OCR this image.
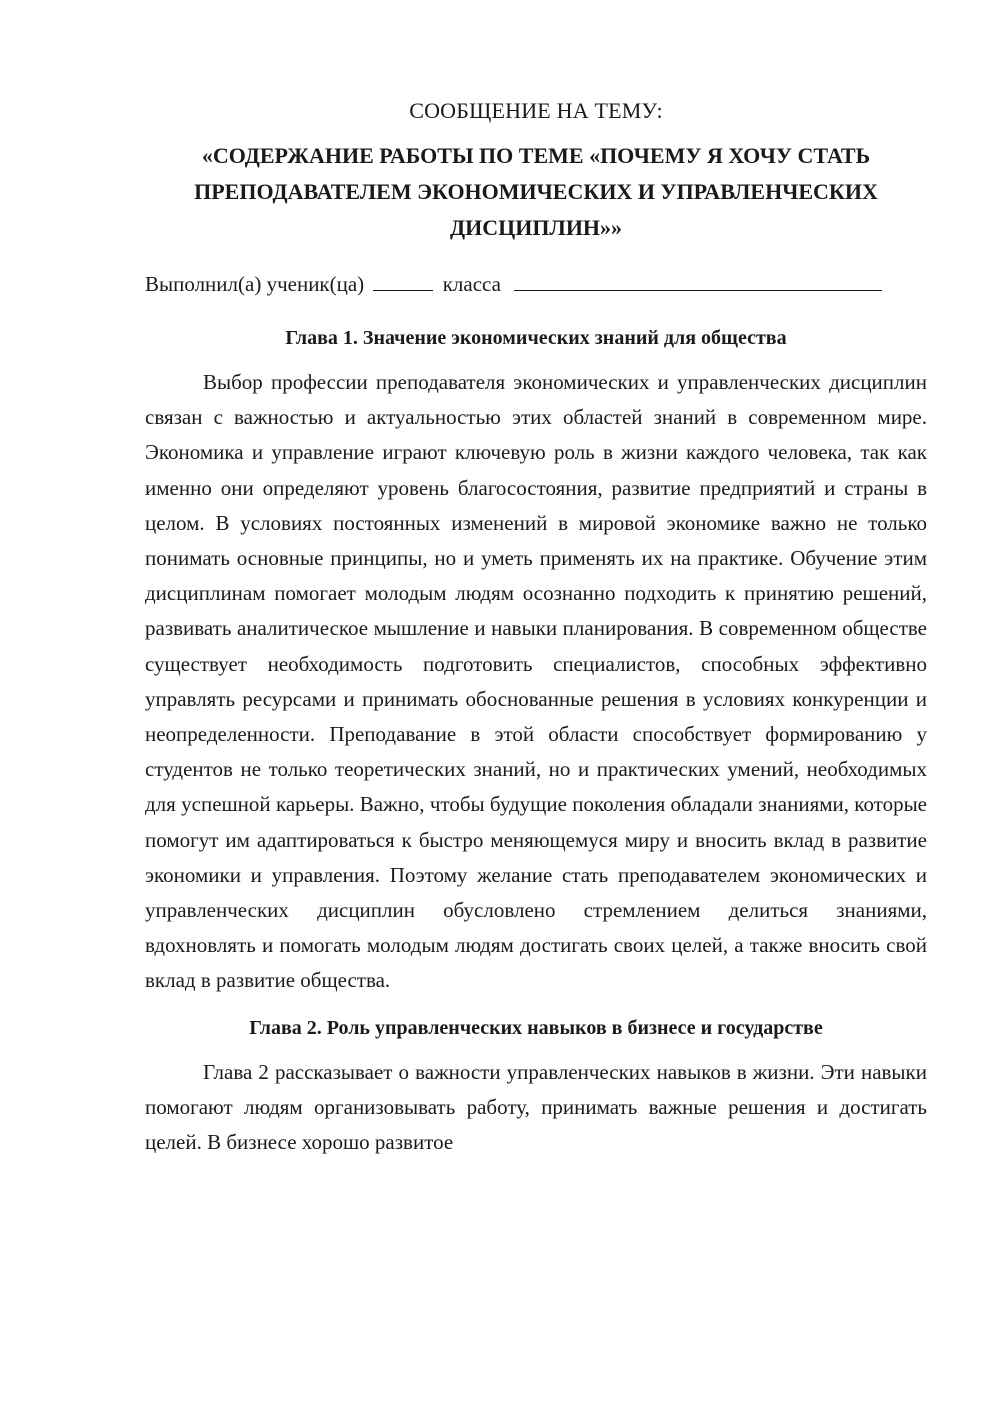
СООБЩЕНИЕ НА ТЕМУ:
«СОДЕРЖАНИЕ РАБОТЫ ПО ТЕМЕ «ПОЧЕМУ Я ХОЧУ СТАТЬ ПРЕПОДАВАТЕЛЕМ ЭКОНОМИЧЕСКИХ И УПРАВЛЕНЧЕСКИХ ДИСЦИПЛИН»»
Выполнил(а) ученик(ца)	класса
Глава 1. Значение экономических знаний для общества

Выбор профессии преподавателя экономических и управленческих дисциплин связан с важностью и актуальностью этих областей знаний в современном мире. Экономика и управление играют ключевую роль в жизни каждого человека, так как именно они определяют уровень благосостояния, развитие предприятий и страны в целом. В условиях постоянных изменений в мировой экономике важно не только понимать основные принципы, но и уметь применять их на практике. Обучение этим дисциплинам помогает молодым людям осознанно подходить к принятию решений, развивать аналитическое мышление и навыки планирования. В современном обществе существует необходимость подготовить специалистов, способных эффективно управлять ресурсами и принимать обоснованные решения в условиях конкуренции и неопределенности. Преподавание в этой области способствует формированию у студентов не только теоретических знаний, но и практических умений, необходимых для успешной карьеры. Важно, чтобы будущие поколения обладали знаниями, которые помогут им адаптироваться к быстро меняющемуся миру и вносить вклад в развитие экономики и управления. Поэтому желание стать преподавателем экономических и управленческих дисциплин обусловлено стремлением делиться знаниями, вдохновлять и помогать молодым людям достигать своих целей, а также вносить свой вклад в развитие общества.

Глава 2. Роль управленческих навыков в бизнесе и государстве

Глава 2 рассказывает о важности управленческих навыков в жизни. Эти навыки помогают людям организовывать работу, принимать важные решения и достигать целей. В бизнесе хорошо развитое
